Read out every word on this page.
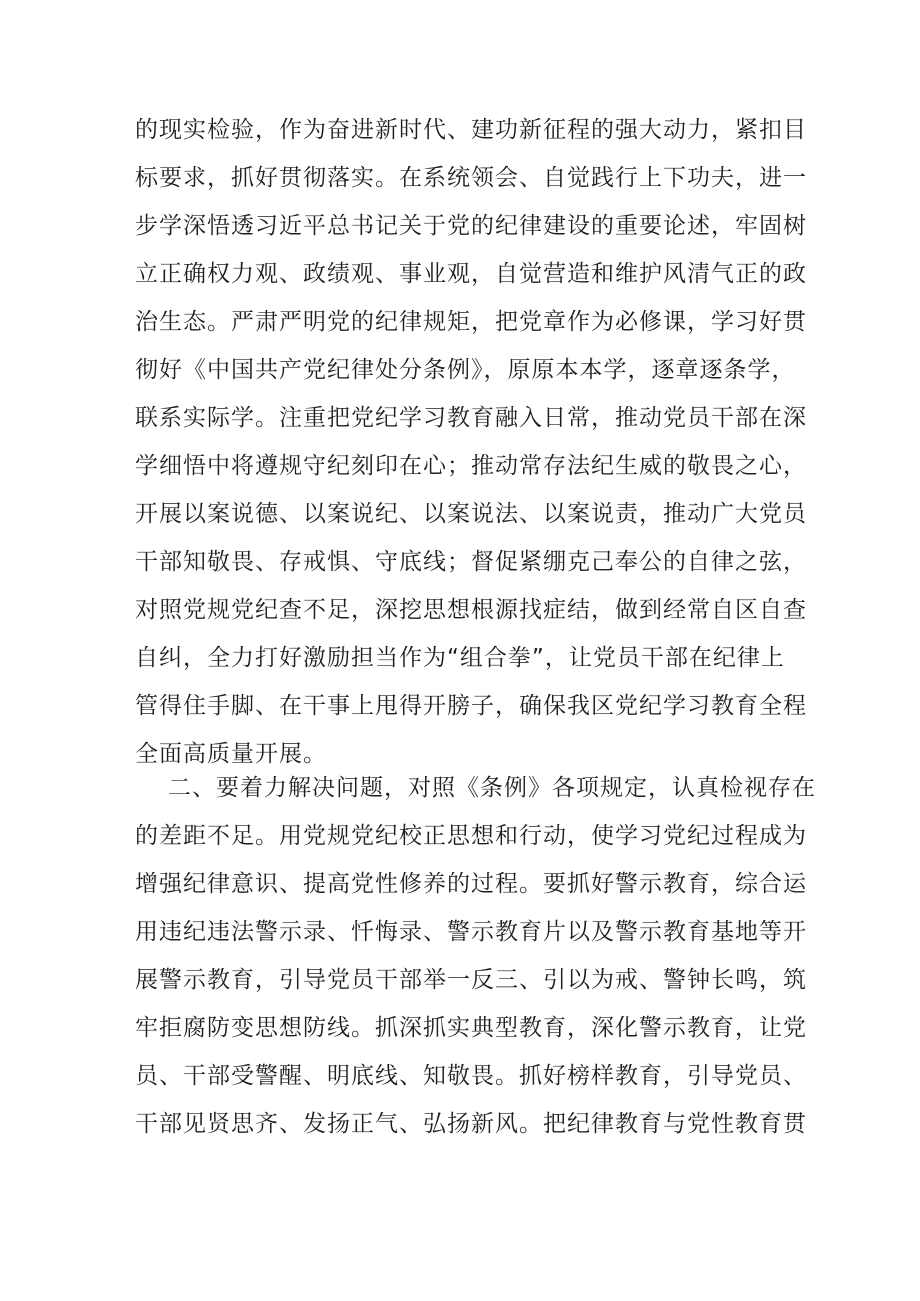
的现实检验，作为奋进新时代、建功新征程的强大动力，紧扣目
标要求，抓好贯彻落实。在系统领会、自觉践行上下功夫，进一
步学深悟透习近平总书记关于党的纪律建设的重要论述，牢固树
立正确权力观、政绩观、事业观，自觉营造和维护风清气正的政
治生态。严肃严明党的纪律规矩，把党章作为必修课，学习好贯
彻好《中国共产党纪律处分条例》，原原本本学，逐章逐条学，
联系实际学。注重把党纪学习教育融入日常，推动党员干部在深
学细悟中将遵规守纪刻印在心；推动常存法纪生威的敬畏之心，
开展以案说德、以案说纪、以案说法、以案说责，推动广大党员
干部知敬畏、存戒惧、守底线；督促紧绷克己奉公的自律之弦，
对照党规党纪查不足，深挖思想根源找症结，做到经常自区自查
自纠，全力打好激励担当作为“组合拳”，让党员干部在纪律上
管得住手脚、在干事上甩得开膀子，确保我区党纪学习教育全程
全面高质量开展。
二、要着力解决问题，对照《条例》各项规定，认真检视存在
的差距不足。用党规党纪校正思想和行动，使学习党纪过程成为
增强纪律意识、提高党性修养的过程。要抓好警示教育，综合运
用违纪违法警示录、忏悔录、警示教育片以及警示教育基地等开
展警示教育，引导党员干部举一反三、引以为戒、警钟长鸣，筑
牢拒腐防变思想防线。抓深抓实典型教育，深化警示教育，让党
员、干部受警醒、明底线、知敬畏。抓好榜样教育，引导党员、
干部见贤思齐、发扬正气、弘扬新风。把纪律教育与党性教育贯
